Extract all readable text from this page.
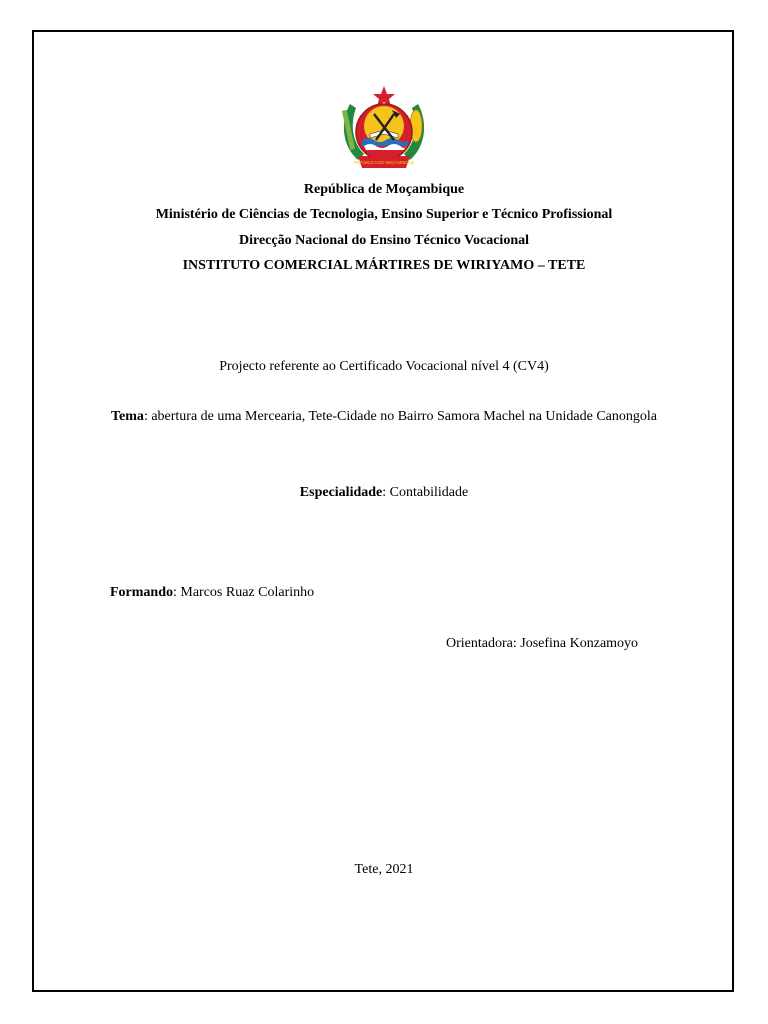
REPÚBLICA DE MOÇAMBIQUE
República de Moçambique
Ministério de Ciências de Tecnologia, Ensino Superior e Técnico Profissional
Direcção Nacional do Ensino Técnico Vocacional
INSTITUTO COMERCIAL MÁRTIRES DE WIRIYAMO – TETE
Projecto referente ao Certificado Vocacional nível 4 (CV4)
Tema: abertura de uma Mercearia, Tete-Cidade no Bairro Samora Machel na Unidade Canongola
Especialidade: Contabilidade
Formando: Marcos Ruaz Colarinho
Orientadora: Josefina Konzamoyo
Tete, 2021
